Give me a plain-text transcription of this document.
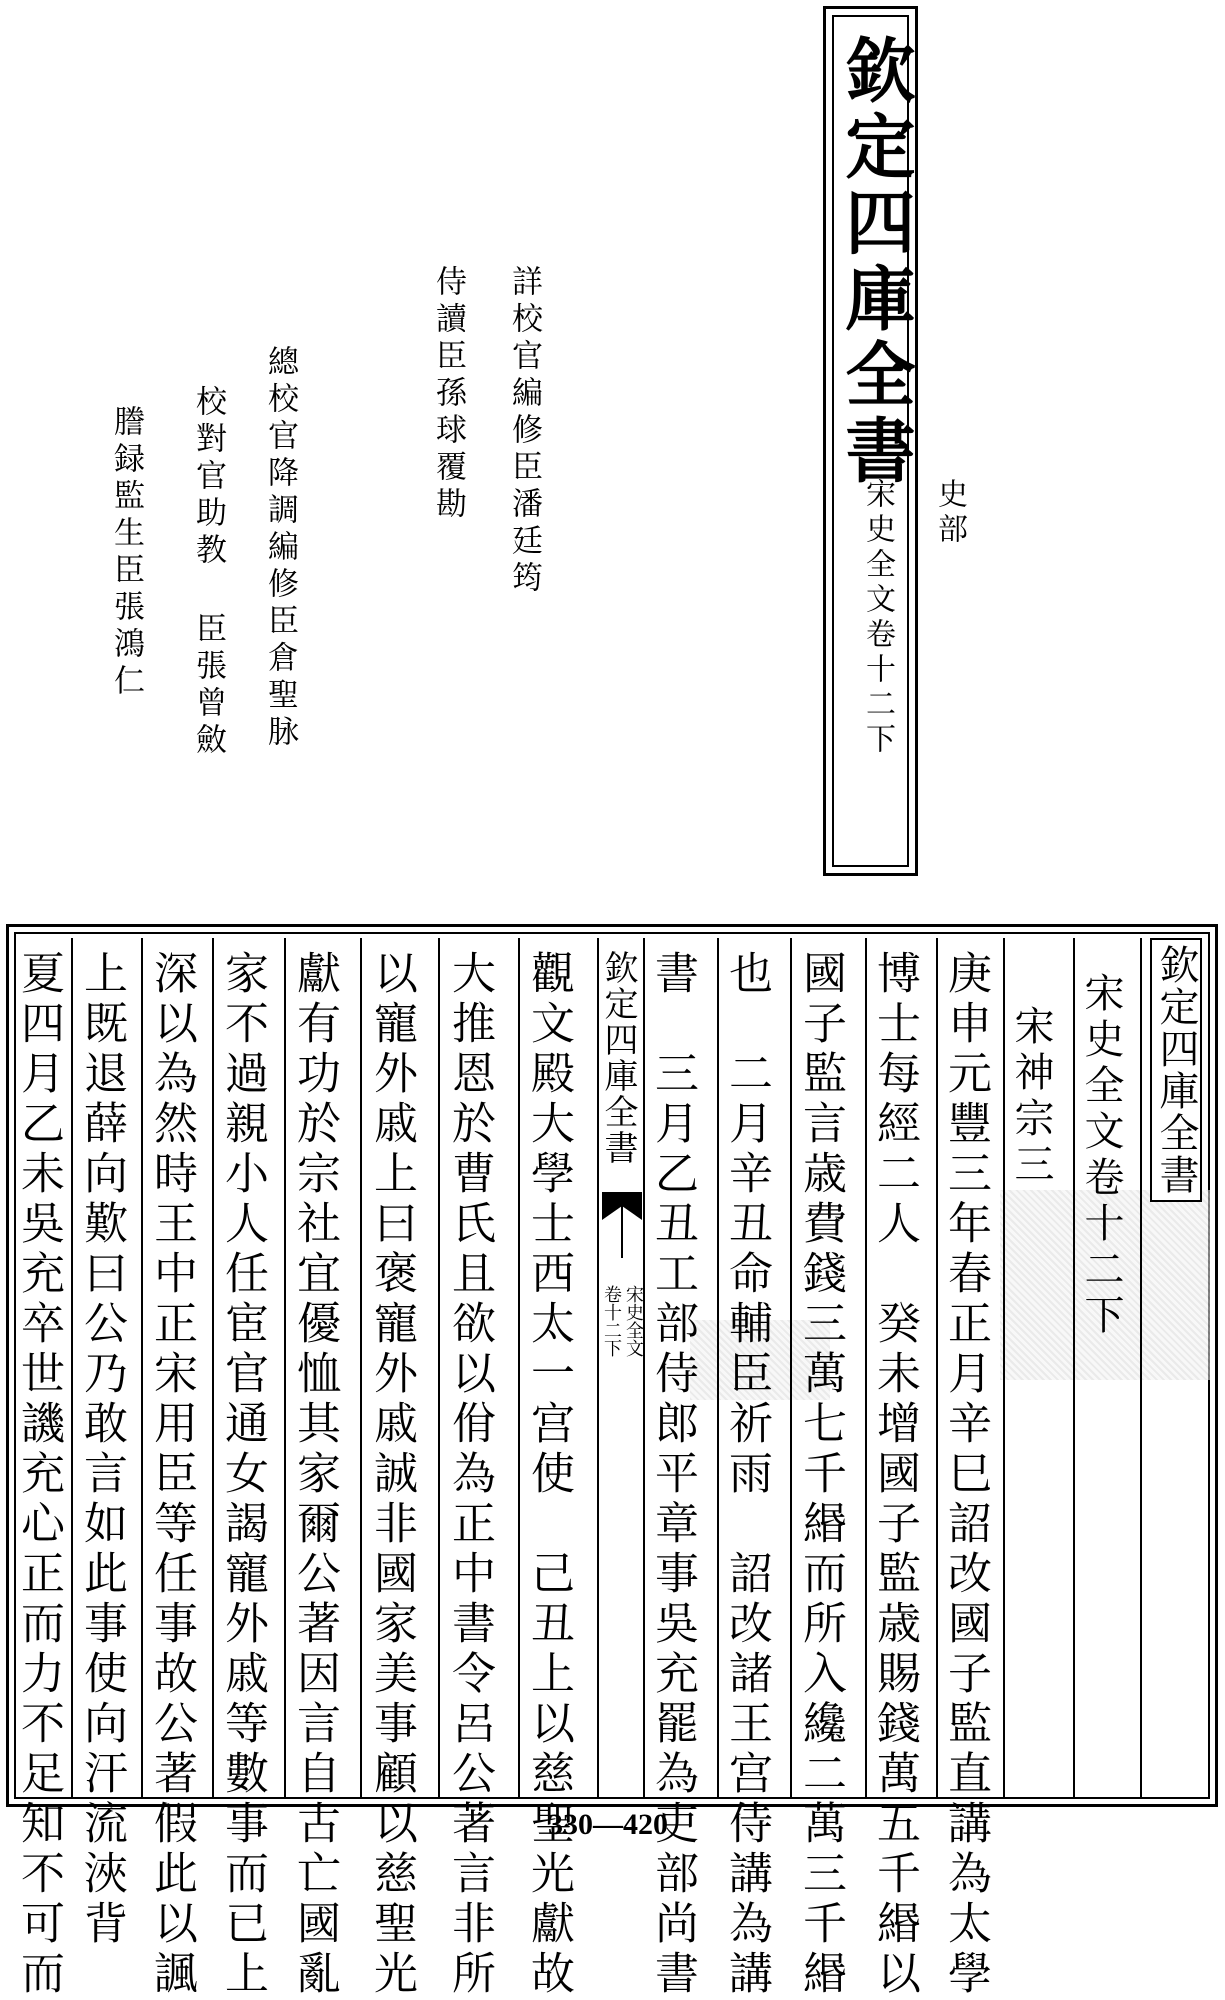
欽定四庫全書
史部
宋史全文卷十二下
詳校官編修臣潘廷筠
侍讀臣孫球覆勘
總校官降調編修臣倉聖脉
校對官助教 臣張曾斂
謄録監生臣張鴻仁
欽定四庫全書
宋史全文卷十二下
宋神宗三
庚申元豐三年春正月辛巳詔改國子監直講為太學
博士每經二人　癸未增國子監歳賜錢萬五千緡以
國子監言歳費錢三萬七千緡而所入纔二萬三千緡
也　二月辛丑命輔臣祈雨　詔改諸王宫侍講為講
書　三月乙丑工部侍郎平章事吳充罷為吏部尚書
欽定四庫全書
宋史全文
卷十二下
觀文殿大學士西太一宫使　己丑上以慈聖光獻故
大推恩於曹氏且欲以佾為正中書令呂公著言非所
以寵外戚上曰褒寵外戚誠非國家美事顧以慈聖光
獻有功於宗社宜優恤其家爾公著因言自古亡國亂
家不過親小人任宦官通女謁寵外戚等數事而已上
深以為然時王中正宋用臣等任事故公著假此以諷
上既退薛向歎曰公乃敢言如此事使向汗流浹背
夏四月乙未吳充卒世譏充心正而力不足知不可而	330—420
